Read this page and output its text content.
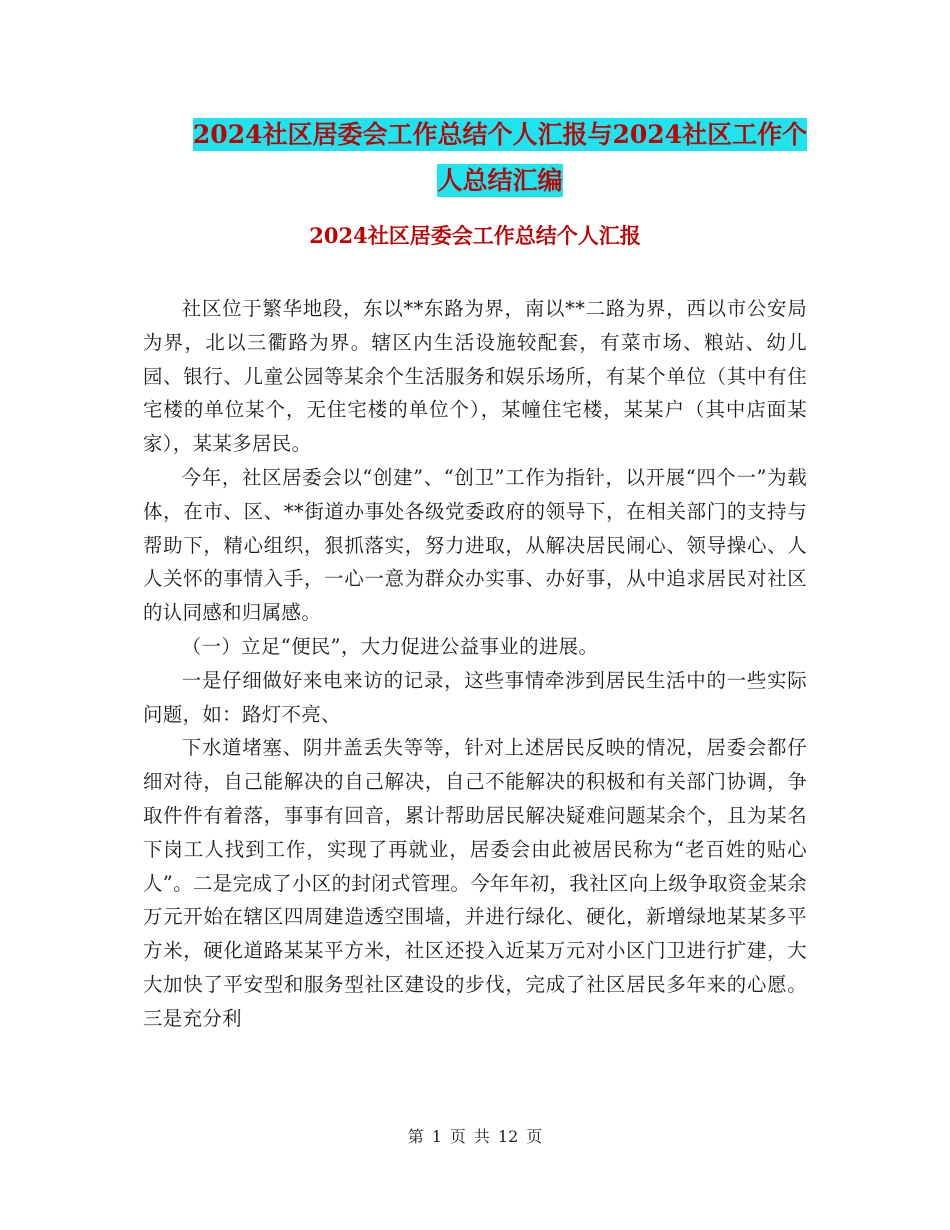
2024社区居委会工作总结个人汇报与2024社区工作个
人总结汇编
2024社区居委会工作总结个人汇报

社区位于繁华地段，东以**东路为界，南以**二路为界，西以市公安局为界，北以三衢路为界。辖区内生活设施较配套，有菜市场、粮站、幼儿园、银行、儿童公园等某余个生活服务和娱乐场所，有某个单位（其中有住宅楼的单位某个，无住宅楼的单位个），某幢住宅楼，某某户（其中店面某家），某某多居民。

今年，社区居委会以“创建”、“创卫”工作为指针，以开展“四个一”为载体，在市、区、**街道办事处各级党委政府的领导下，在相关部门的支持与帮助下，精心组织，狠抓落实，努力进取，从解决居民闹心、领导操心、人人关怀的事情入手，一心一意为群众办实事、办好事，从中追求居民对社区的认同感和归属感。

（一）立足“便民”，大力促进公益事业的进展。

一是仔细做好来电来访的记录，这些事情牵涉到居民生活中的一些实际问题，如：路灯不亮、

下水道堵塞、阴井盖丢失等等，针对上述居民反映的情况，居委会都仔细对待，自己能解决的自己解决，自己不能解决的积极和有关部门协调，争取件件有着落，事事有回音，累计帮助居民解决疑难问题某余个，且为某名下岗工人找到工作，实现了再就业，居委会由此被居民称为“老百姓的贴心人”。二是完成了小区的封闭式管理。今年年初，我社区向上级争取资金某余万元开始在辖区四周建造透空围墙，并进行绿化、硬化，新增绿地某某多平方米，硬化道路某某平方米，社区还投入近某万元对小区门卫进行扩建，大大加快了平安型和服务型社区建设的步伐，完成了社区居民多年来的心愿。三是充分利

第 1 页 共 12 页
